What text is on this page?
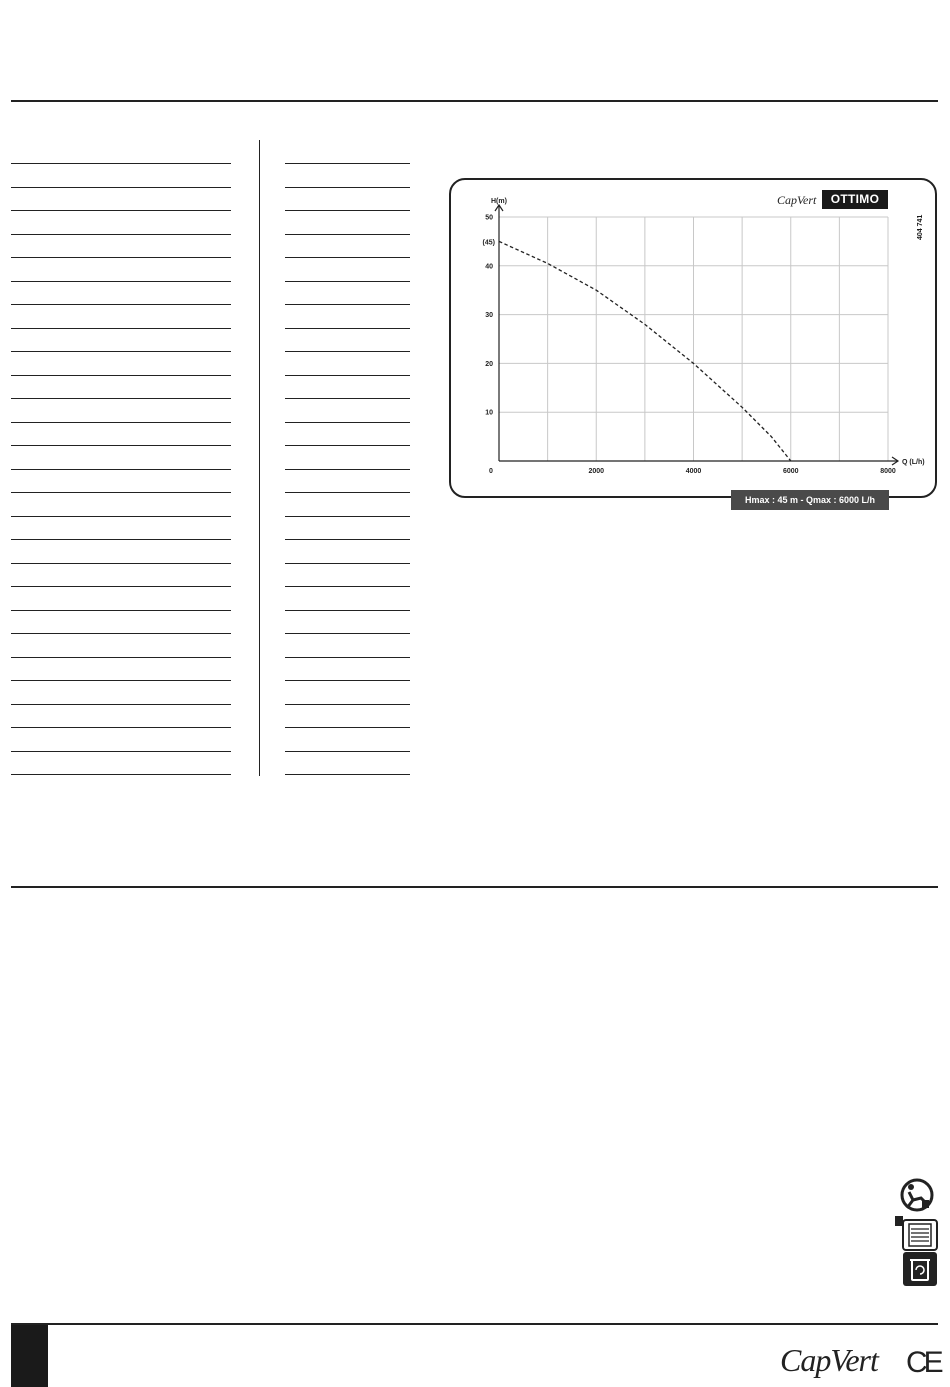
10
20
30
40
50
0	2000	4000	6000	8000
(45)
H(m)
Q (L/h)
CapVert	OTTIMO
Hmax : 45 m - Qmax : 6000 L/h
404 741
CapVert CE
